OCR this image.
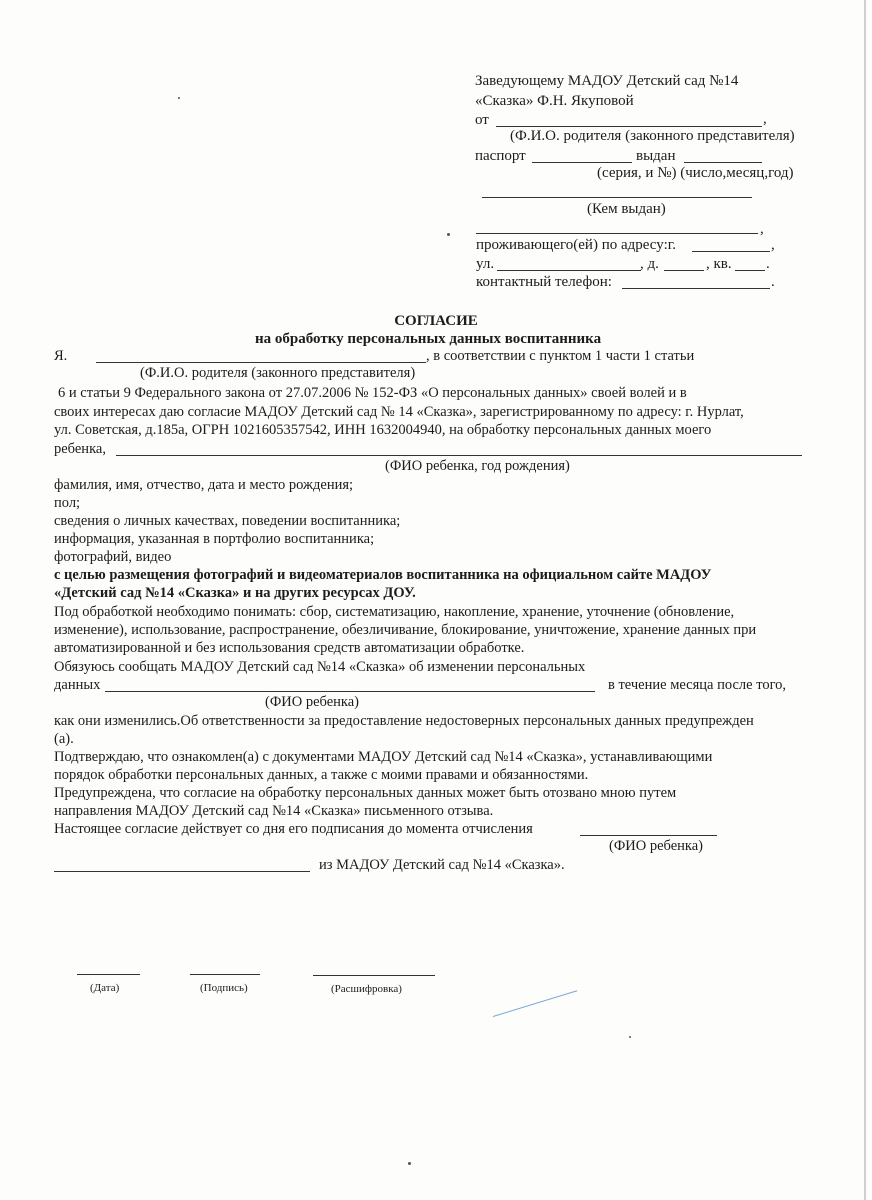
Заведующему МАДОУ Детский сад №14
«Сказка» Ф.Н. Якуповой
от	,
(Ф.И.О. родителя (законного представителя)
паспорт	выдан
(серия, и №) (число,месяц,год)
(Кем выдан)
,
проживающего(ей) по адресу:г.	,
ул.	, д.	, кв. .
контактный телефон:	.
СОГЛАСИЕ
на обработку персональных данных воспитанника
Я.	, в соответствии с пунктом 1 части 1 статьи
(Ф.И.О. родителя (законного представителя)
6 и статьи 9 Федерального закона от 27.07.2006 № 152-ФЗ «О персональных данных» своей волей и в
своих интересах даю согласие МАДОУ Детский сад № 14 «Сказка», зарегистрированному по адресу: г. Нурлат,
ул. Советская, д.185а, ОГРН 1021605357542, ИНН 1632004940, на обработку персональных данных моего
ребенка,
(ФИО ребенка, год рождения)
фамилия, имя, отчество, дата и место рождения;
пол;
сведения о личных качествах, поведении воспитанника;
информация, указанная в портфолио воспитанника;
фотографий, видео
с целью размещения фотографий и видеоматериалов воспитанника на официальном сайте МАДОУ
«Детский сад №14 «Сказка» и на других ресурсах ДОУ.
Под обработкой необходимо понимать: сбор, систематизацию, накопление, хранение, уточнение (обновление,
изменение), использование, распространение, обезличивание, блокирование, уничтожение, хранение данных при
автоматизированной и без использования средств автоматизации обработке.
Обязуюсь сообщать МАДОУ Детский сад №14 «Сказка» об изменении персональных
данных	в течение месяца после того,
(ФИО ребенка)
как они изменились.Об ответственности за предоставление недостоверных персональных данных предупрежден
(а).
Подтверждаю, что ознакомлен(а) с документами МАДОУ Детский сад №14 «Сказка», устанавливающими
порядок обработки персональных данных, а также с моими правами и обязанностями.
Предупреждена, что согласие на обработку персональных данных может быть отозвано мною путем
направления МАДОУ Детский сад №14 «Сказка» письменного отзыва.
Настоящее согласие действует со дня его подписания до момента отчисления
(ФИО ребенка)
из МАДОУ Детский сад №14 «Сказка».
(Дата)	(Подпись)	(Расшифровка)
